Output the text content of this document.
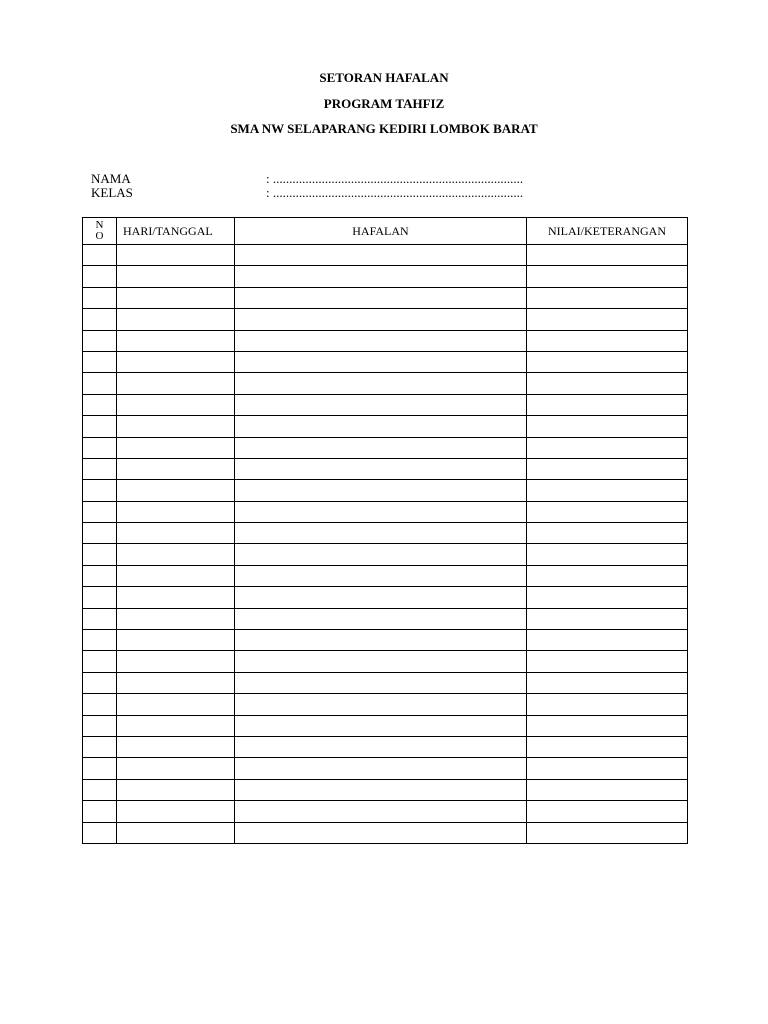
SETORAN HAFALAN
PROGRAM TAHFIZ
SMA NW SELAPARANG KEDIRI LOMBOK BARAT
NAMA	: .............................................................................
KELAS	: .............................................................................
N
O	HARI/TANGGAL	HAFALAN	NILAI/KETERANGAN
